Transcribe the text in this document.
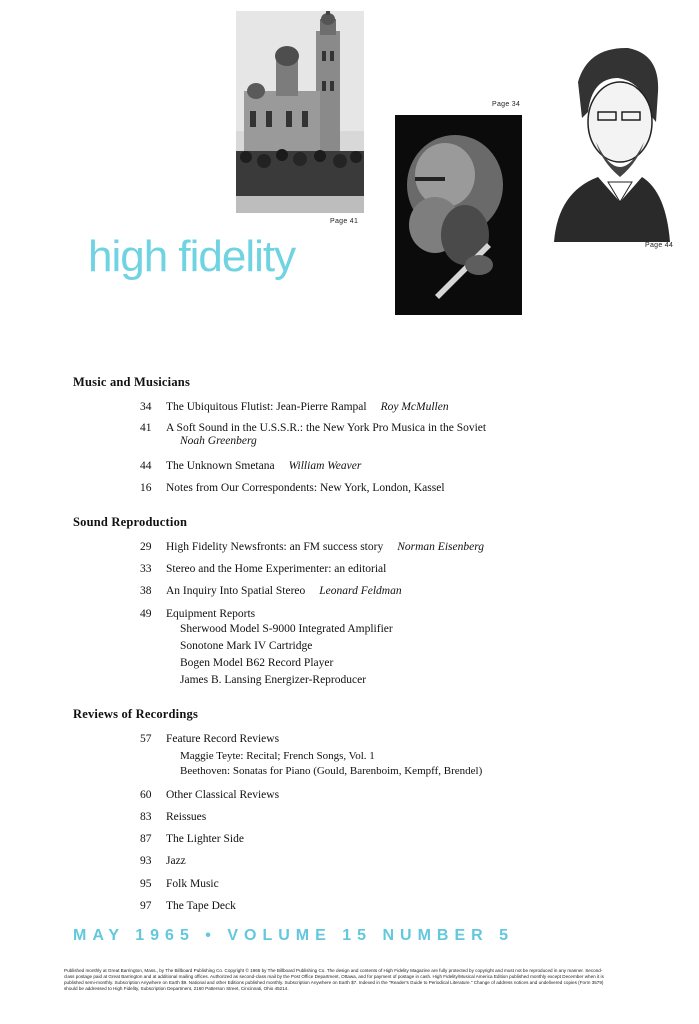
Page 41
Page 34
Page 44
high fidelity
Music and Musicians
34 The Ubiquitous Flutist: Jean-Pierre Rampal Roy McMullen
41 A Soft Sound in the U.S.S.R.: the New York Pro Musica in the Soviet
Noah Greenberg
44 The Unknown Smetana William Weaver
16 Notes from Our Correspondents: New York, London, Kassel
Sound Reproduction
29 High Fidelity Newsfronts: an FM success story Norman Eisenberg
33 Stereo and the Home Experimenter: an editorial
38 An Inquiry Into Spatial Stereo Leonard Feldman
49 Equipment Reports
Sherwood Model S-9000 Integrated Amplifier
Sonotone Mark IV Cartridge
Bogen Model B62 Record Player
James B. Lansing Energizer-Reproducer
Reviews of Recordings
57 Feature Record Reviews
Maggie Teyte: Recital; French Songs, Vol. 1
Beethoven: Sonatas for Piano (Gould, Barenboim, Kempff, Brendel)
60 Other Classical Reviews
83 Reissues
87 The Lighter Side
93 Jazz
95 Folk Music
97 The Tape Deck
MAY 1965 • VOLUME 15 NUMBER 5
Published monthly at Great Barrington, Mass., by The Billboard Publishing Co. Copyright © 1965 by The Billboard Publishing Co. The design and contents of High Fidelity Magazine are fully protected by copyright and must not be reproduced in any manner. Second-class postage paid at Great Barrington and at additional mailing offices. Authorized as second-class mail by the Post Office Department, Ottawa, and for payment of postage in cash. High Fidelity/Musical America Edition published monthly except December when it is published semi-monthly. Subscription Anywhere on Earth $9. National and other Editions published monthly. Subscription Anywhere on Earth $7. Indexed in the "Reader's Guide to Periodical Literature." Change of address notices and undelivered copies (Form 3579) should be addressed to High Fidelity, Subscription Department, 2160 Patterson Street, Cincinnati, Ohio 45214.
